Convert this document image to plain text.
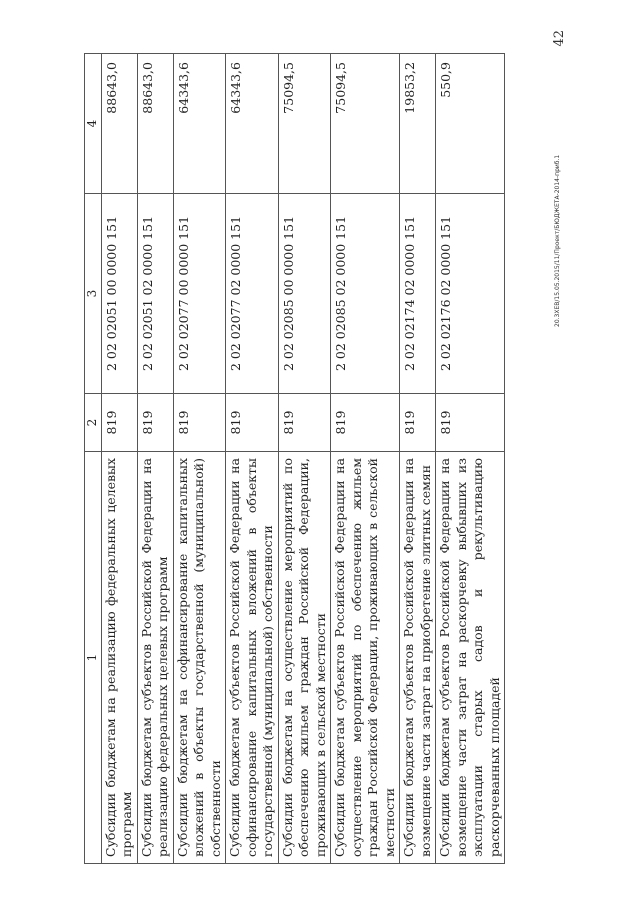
1	2	3	4
Субсидии бюджетам на реализацию федеральных целевых программ	819	2 02 02051 00 0000 151	88643,0
Субсидии бюджетам субъектов Российской Федерации на реализацию федеральных целевых программ	819	2 02 02051 02 0000 151	88643,0
Субсидии бюджетам на софинансирование капитальных вложений в объекты государственной (муниципальной) собственности	819	2 02 02077 00 0000 151	64343,6
Субсидии бюджетам субъектов Российской Федерации на софинансирование капитальных вложений в объекты государственной (муниципальной) собственности	819	2 02 02077 02 0000 151	64343,6
Субсидии бюджетам на осуществление мероприятий по обеспечению жильем граждан Российской Федерации, проживающих в сельской местности	819	2 02 02085 00 0000 151	75094,5
Субсидии бюджетам субъектов Российской Федерации на осуществление мероприятий по обеспечению жильем граждан Российской Федерации, проживающих в сельской местности	819	2 02 02085 02 0000 151	75094,5
Субсидии бюджетам субъектов Российской Федерации на возмещение части затрат на приобретение элитных семян	819	2 02 02174 02 0000 151	19853,2
Субсидии бюджетам субъектов Российской Федерации на возмещение части затрат на раскорчевку выбывших из эксплуатации старых садов и рекультивацию раскорчеванных площадей	819	2 02 02176 02 0000 151	550,9
20.3ХЕВ/15.05.2015/11/Проект/БЮДЖЕТА-2014-приб.1
42
